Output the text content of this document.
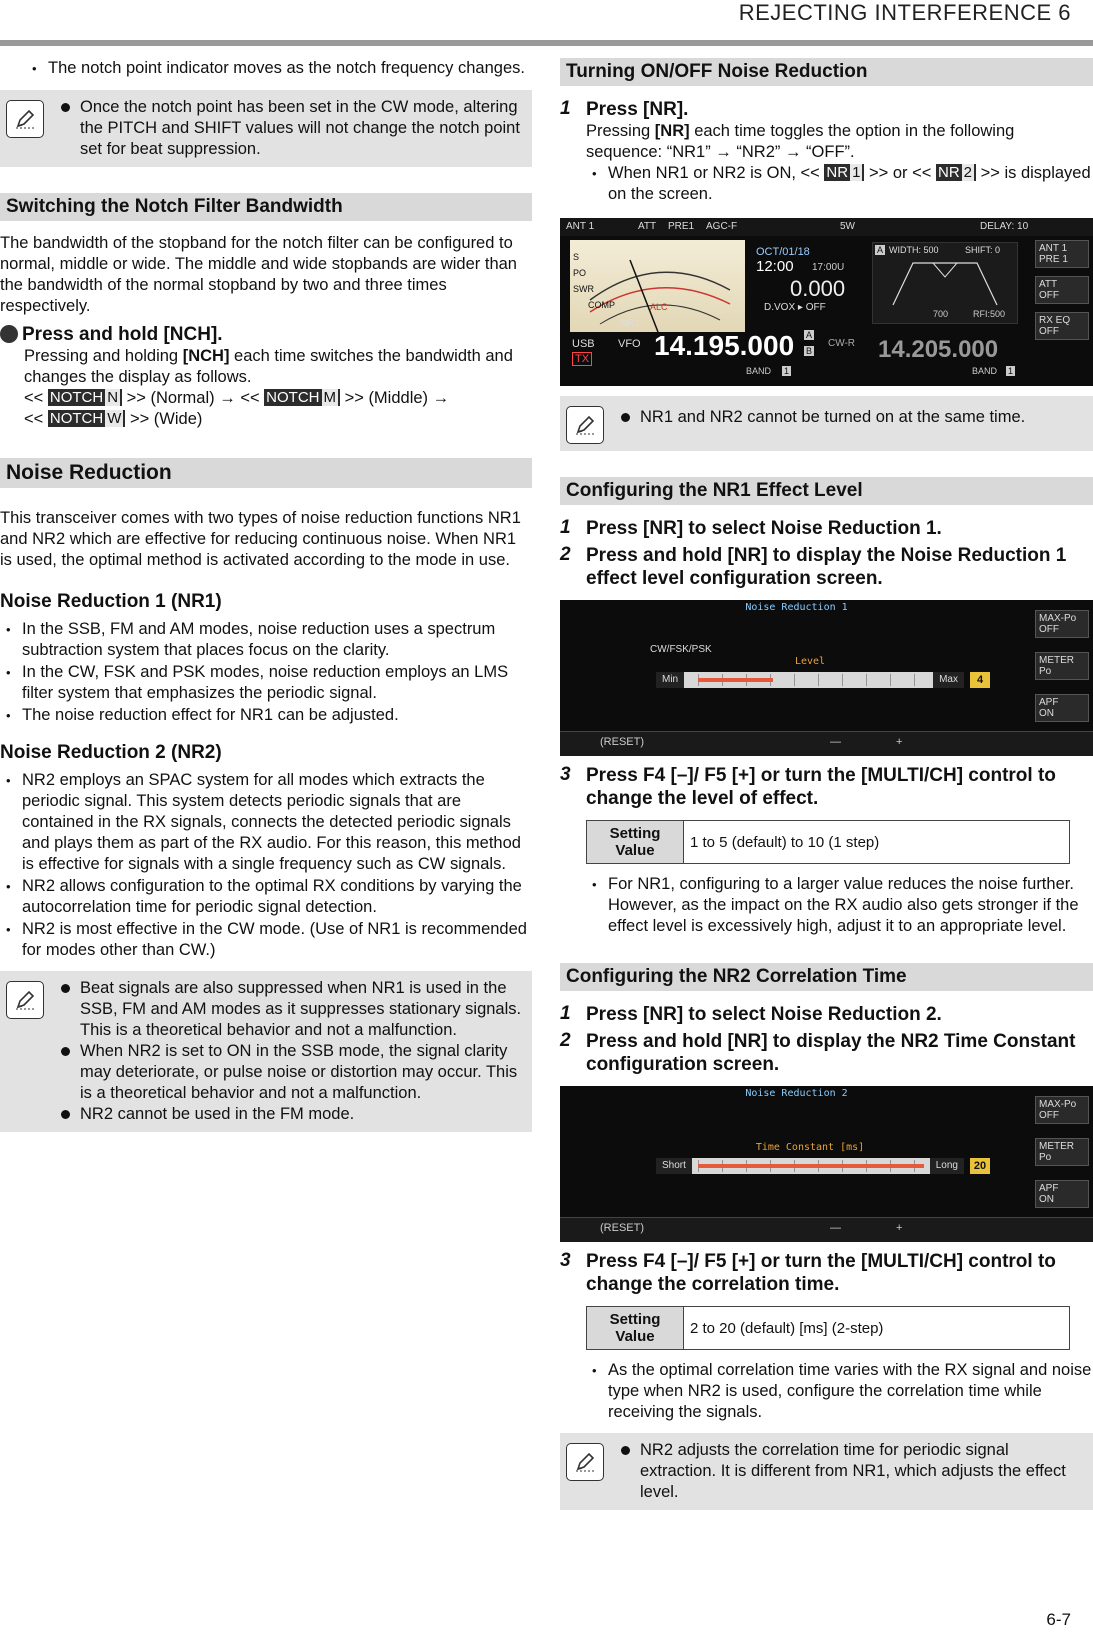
REJECTING INTERFERENCE 6
• The notch point indicator moves as the notch frequency changes.
Once the notch point has been set in the CW mode, altering the PITCH and SHIFT values will not change the notch point set for beat suppression.
Switching the Notch Filter Bandwidth

The bandwidth of the stopband for the notch filter can be configured to normal, middle or wide. The middle and wide stopbands are wider than the bandwidth of the normal stopband by two and three times respectively.

Press and hold [NCH].
Pressing and holding [NCH] each time switches the bandwidth and changes the display as follows.
<< NOTCH N >> (Normal) → << NOTCH M >> (Middle) →
<< NOTCH W >> (Wide)
Noise Reduction

This transceiver comes with two types of noise reduction functions NR1 and NR2 which are effective for reducing continuous noise. When NR1 is used, the optimal method is activated according to the mode in use.

Noise Reduction 1 (NR1)
• In the SSB, FM and AM modes, noise reduction uses a spectrum subtraction system that places focus on the clarity.
• In the CW, FSK and PSK modes, noise reduction employs an LMS filter system that emphasizes the periodic signal.
• The noise reduction effect for NR1 can be adjusted.
Noise Reduction 2 (NR2)
• NR2 employs an SPAC system for all modes which extracts the periodic signal. This system detects periodic signals that are contained in the RX signals, connects the detected periodic signals and plays them as part of the RX audio. For this reason, this method is effective for signals with a single frequency such as CW signals.
• NR2 allows configuration to the optimal RX conditions by varying the autocorrelation time for periodic signal detection.
• NR2 is most effective in the CW mode. (Use of NR1 is recommended for modes other than CW.)
Beat signals are also suppressed when NR1 is used in the SSB, FM and AM modes as it suppresses stationary signals. This is a theoretical behavior and not a malfunction.
When NR2 is set to ON in the SSB mode, the signal clarity may deteriorate, or pulse noise or distortion may occur. This is a theoretical behavior and not a malfunction.
NR2 cannot be used in the FM mode.
Turning ON/OFF Noise Reduction
1 Press [NR].
Pressing [NR] each time toggles the option in the following sequence: “NR1” → “NR2” → “OFF”.
• When NR1 or NR2 is ON, << NR 1 >> or << NR 2 >> is displayed on the screen.
ANT 1	ATT PRE1 AGC-F	5W	DELAY: 10
S
PO
SWR
COMP	ALC
NR1
OCT/01/18
12:00 17:00U
0.000
D.VOX ▸ OFF
USB
TX
VFO 14.195.000 A
B
CW-R
BAND 1
14.205.000
BAND 1
A WIDTH: 500	SHIFT: 0
700	RFI:500
ANT 1
PRE 1
ATT
OFF
RX EQ
OFF
NR1 and NR2 cannot be turned on at the same time.
Configuring the NR1 Effect Level
1 Press [NR] to select Noise Reduction 1.
2 Press and hold [NR] to display the Noise Reduction 1 effect level configuration screen.
Noise Reduction 1
CW/FSK/PSK
Level
Min	Max	4
MAX-Po
OFF
METER
Po
APF
ON
(RESET)	—	+
3 Press F4 [–]/ F5 [+] or turn the [MULTI/CH] control to change the level of effect.
Setting Value	1 to 5 (default) to 10 (1 step)
• For NR1, configuring to a larger value reduces the noise further. However, as the impact on the RX audio also gets stronger if the effect level is excessively high, adjust it to an appropriate level.
Configuring the NR2 Correlation Time
1 Press [NR] to select Noise Reduction 2.
2 Press and hold [NR] to display the NR2 Time Constant configuration screen.
Noise Reduction 2
Time Constant [ms]
Short	Long	20
MAX-Po
OFF
METER
Po
APF
ON
(RESET)	—	+
3 Press F4 [–]/ F5 [+] or turn the [MULTI/CH] control to change the correlation time.
Setting Value	2 to 20 (default) [ms] (2-step)
• As the optimal correlation time varies with the RX signal and noise type when NR2 is used, configure the correlation time while receiving the signals.
NR2 adjusts the correlation time for periodic signal extraction. It is different from NR1, which adjusts the effect level.
6-7
